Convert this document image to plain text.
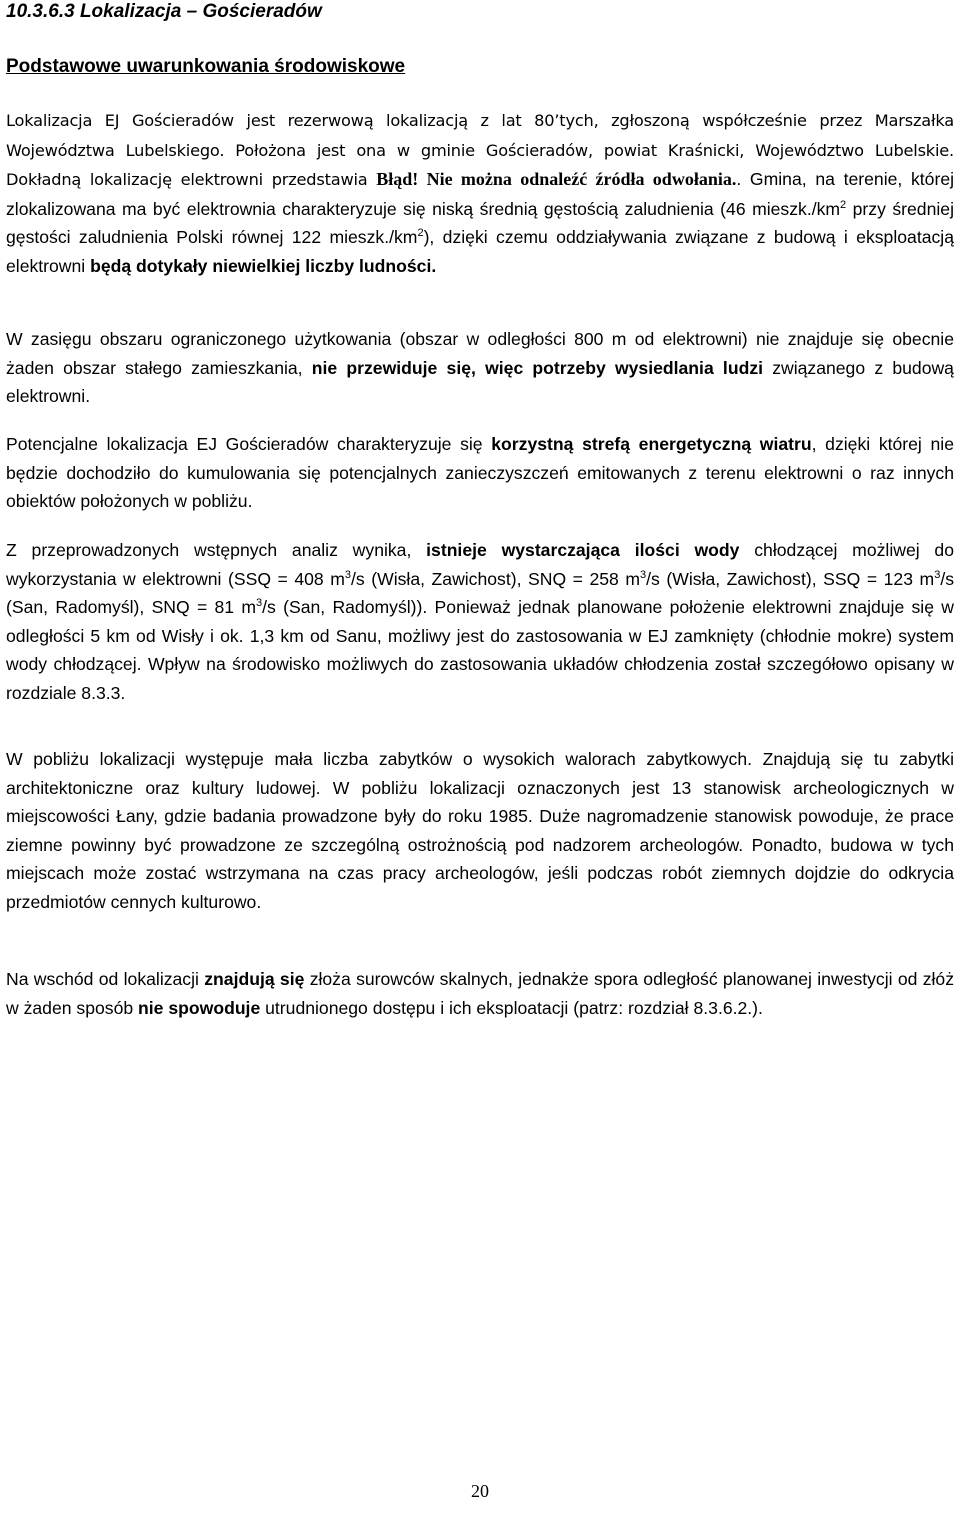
10.3.6.3 Lokalizacja – Gościeradów
Podstawowe uwarunkowania środowiskowe

Lokalizacja EJ Gościeradów jest rezerwową lokalizacją z lat 80’tych, zgłoszoną współcześnie przez Marszałka Województwa Lubelskiego. Położona jest ona w gminie Gościeradów, powiat Kraśnicki, Województwo Lubelskie. Dokładną lokalizację elektrowni przedstawia Błąd! Nie można odnaleźć źródła odwołania.. Gmina, na terenie, której zlokalizowana ma być elektrownia charakteryzuje się niską średnią gęstością zaludnienia (46 $mieszk./km^2$ przy średniej gęstości zaludnienia Polski równej 122 $mieszk./km^2$), dzięki czemu oddziaływania związane z budową i eksploatacją elektrowni będą dotykały niewielkiej liczby ludności.

W zasięgu obszaru ograniczonego użytkowania (obszar w odległości 800 m od elektrowni) nie znajduje się obecnie żaden obszar stałego zamieszkania, nie przewiduje się, więc potrzeby wysiedlania ludzi związanego z budową elektrowni.

Potencjalne lokalizacja EJ Gościeradów charakteryzuje się korzystną strefą energetyczną wiatru, dzięki której nie będzie dochodziło do kumulowania się potencjalnych zanieczyszczeń emitowanych z terenu elektrowni o raz innych obiektów położonych w pobliżu.

Z przeprowadzonych wstępnych analiz wynika, istnieje wystarczająca ilości wody chłodzącej możliwej do wykorzystania w elektrowni (SSQ = 408 $m^3/s$ (Wisła, Zawichost), SNQ = 258 $m^3/s$ (Wisła, Zawichost), SSQ = 123 $m^3/s$ (San, Radomyśl), SNQ = 81 $m^3/s$ (San, Radomyśl)). Ponieważ jednak planowane położenie elektrowni znajduje się w odległości 5 km od Wisły i ok. 1,3 km od Sanu, możliwy jest do zastosowania w EJ zamknięty (chłodnie mokre) system wody chłodzącej. Wpływ na środowisko możliwych do zastosowania układów chłodzenia został szczegółowo opisany w rozdziale 8.3.3.

W pobliżu lokalizacji występuje mała liczba zabytków o wysokich walorach zabytkowych. Znajdują się tu zabytki architektoniczne oraz kultury ludowej. W pobliżu lokalizacji oznaczonych jest 13 stanowisk archeologicznych w miejscowości Łany, gdzie badania prowadzone były do roku 1985. Duże nagromadzenie stanowisk powoduje, że prace ziemne powinny być prowadzone ze szczególną ostrożnością pod nadzorem archeologów. Ponadto, budowa w tych miejscach może zostać wstrzymana na czas pracy archeologów, jeśli podczas robót ziemnych dojdzie do odkrycia przedmiotów cennych kulturowo.

Na wschód od lokalizacji znajdują się złoża surowców skalnych, jednakże spora odległość planowanej inwestycji od złóż w żaden sposób nie spowoduje utrudnionego dostępu i ich eksploatacji (patrz: rozdział 8.3.6.2.).

20
